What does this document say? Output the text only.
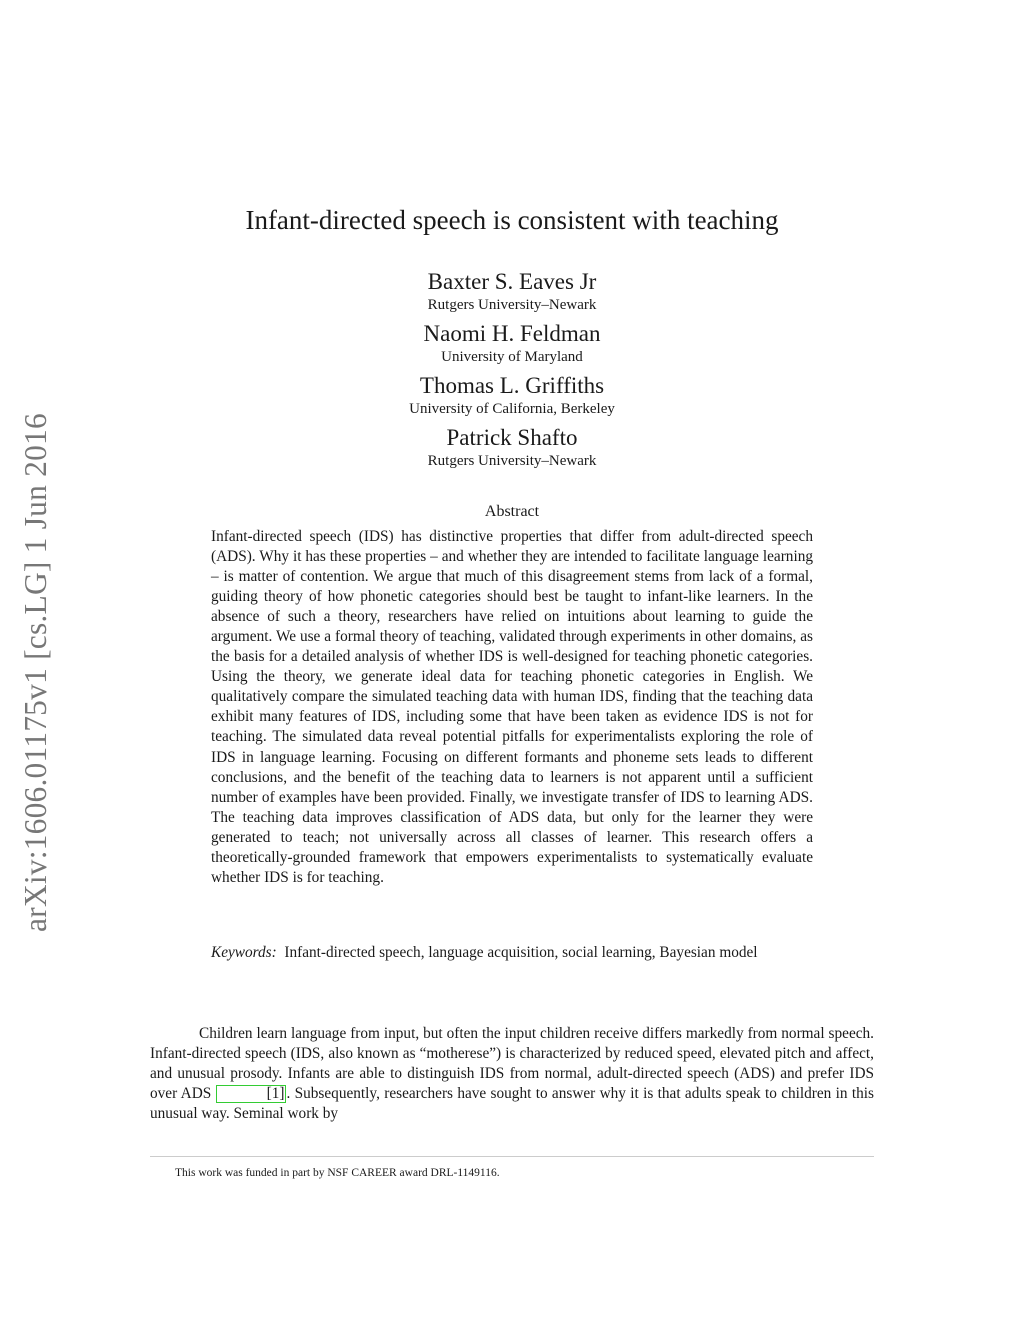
arXiv:1606.01175v1 [cs.LG] 1 Jun 2016
Infant-directed speech is consistent with teaching
Baxter S. Eaves Jr
Rutgers University–Newark
Naomi H. Feldman
University of Maryland
Thomas L. Griffiths
University of California, Berkeley
Patrick Shafto
Rutgers University–Newark
Abstract
Infant-directed speech (IDS) has distinctive properties that differ from adult-directed speech (ADS). Why it has these properties – and whether they are intended to facilitate language learning – is matter of contention. We argue that much of this disagreement stems from lack of a formal, guiding theory of how phonetic categories should best be taught to infant-like learners. In the absence of such a theory, researchers have relied on intuitions about learning to guide the argument. We use a formal theory of teaching, validated through experiments in other domains, as the basis for a detailed analysis of whether IDS is well-designed for teaching phonetic categories. Using the theory, we generate ideal data for teaching phonetic categories in English. We qualitatively compare the simulated teaching data with human IDS, finding that the teaching data exhibit many features of IDS, including some that have been taken as evidence IDS is not for teaching. The simulated data reveal potential pitfalls for experimentalists exploring the role of IDS in language learning. Focusing on different formants and phoneme sets leads to different conclusions, and the benefit of the teaching data to learners is not apparent until a sufficient number of examples have been provided. Finally, we investigate transfer of IDS to learning ADS. The teaching data improves classification of ADS data, but only for the learner they were generated to teach; not universally across all classes of learner. This research offers a theoretically-grounded framework that empowers experimentalists to systematically evaluate whether IDS is for teaching.
Keywords: Infant-directed speech, language acquisition, social learning, Bayesian model
Children learn language from input, but often the input children receive differs markedly from normal speech. Infant-directed speech (IDS, also known as “motherese”) is characterized by reduced speed, elevated pitch and affect, and unusual prosody. Infants are able to distinguish IDS from normal, adult-directed speech (ADS) and prefer IDS over ADS	[1] . Subsequently, researchers have sought to answer why it is that adults speak to children in this unusual way. Seminal work by
This work was funded in part by NSF CAREER award DRL-1149116.
